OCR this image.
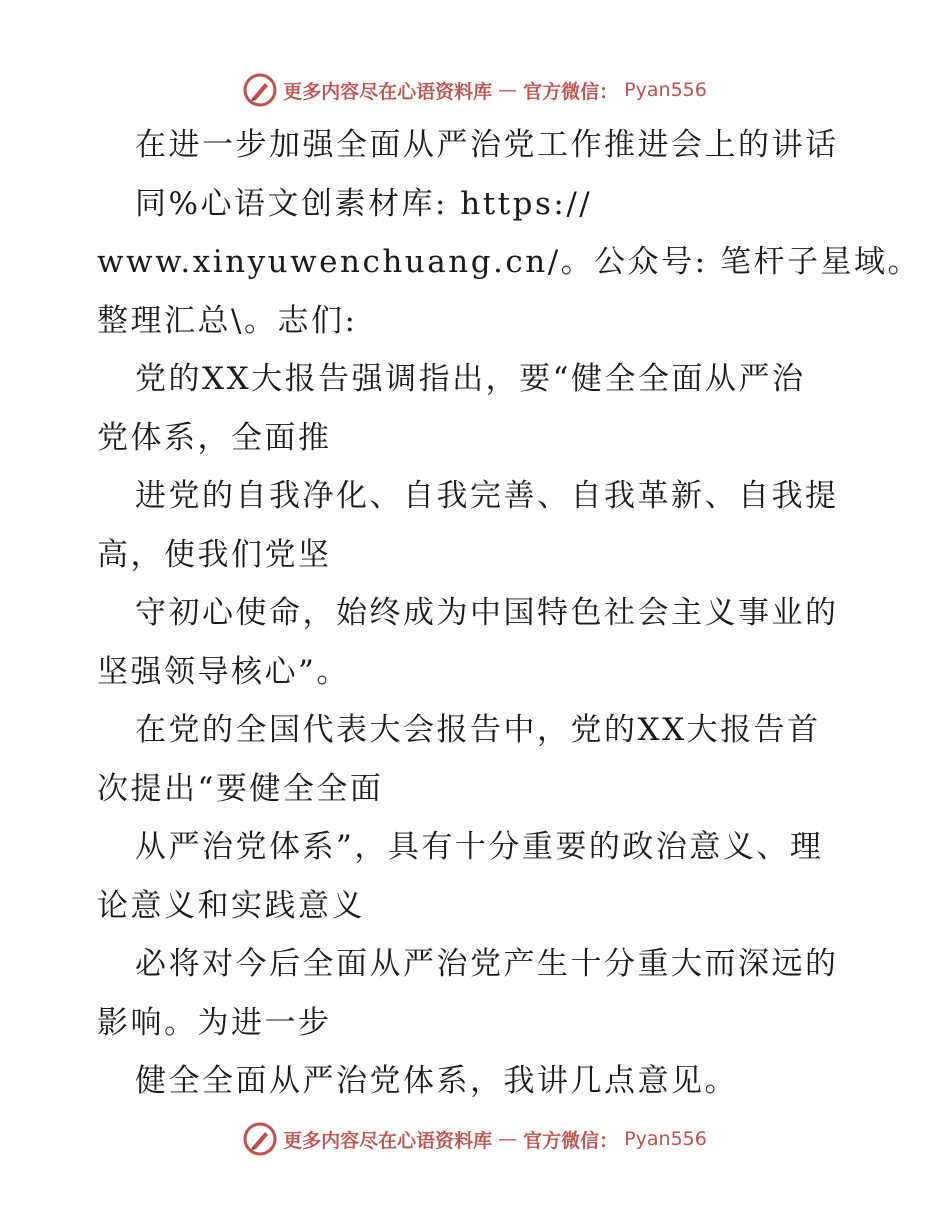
更多内容尽在心语资料库 — 官方微信： Pyan556
在进一步加强全面从严治党工作推进会上的讲话
同%心语文创素材库: https://
www.xinyuwenchuang.cn/。公众号: 笔杆子星域。
整理汇总\。志们:
党的XX大报告强调指出，要“健全全面从严治
党体系，全面推
进党的自我净化、自我完善、自我革新、自我提
高，使我们党坚
守初心使命，始终成为中国特色社会主义事业的
坚强领导核心”。
在党的全国代表大会报告中，党的XX大报告首
次提出“要健全全面
从严治党体系”，具有十分重要的政治意义、理
论意义和实践意义
必将对今后全面从严治党产生十分重大而深远的
影响。为进一步
健全全面从严治党体系，我讲几点意见。
更多内容尽在心语资料库 — 官方微信： Pyan556
